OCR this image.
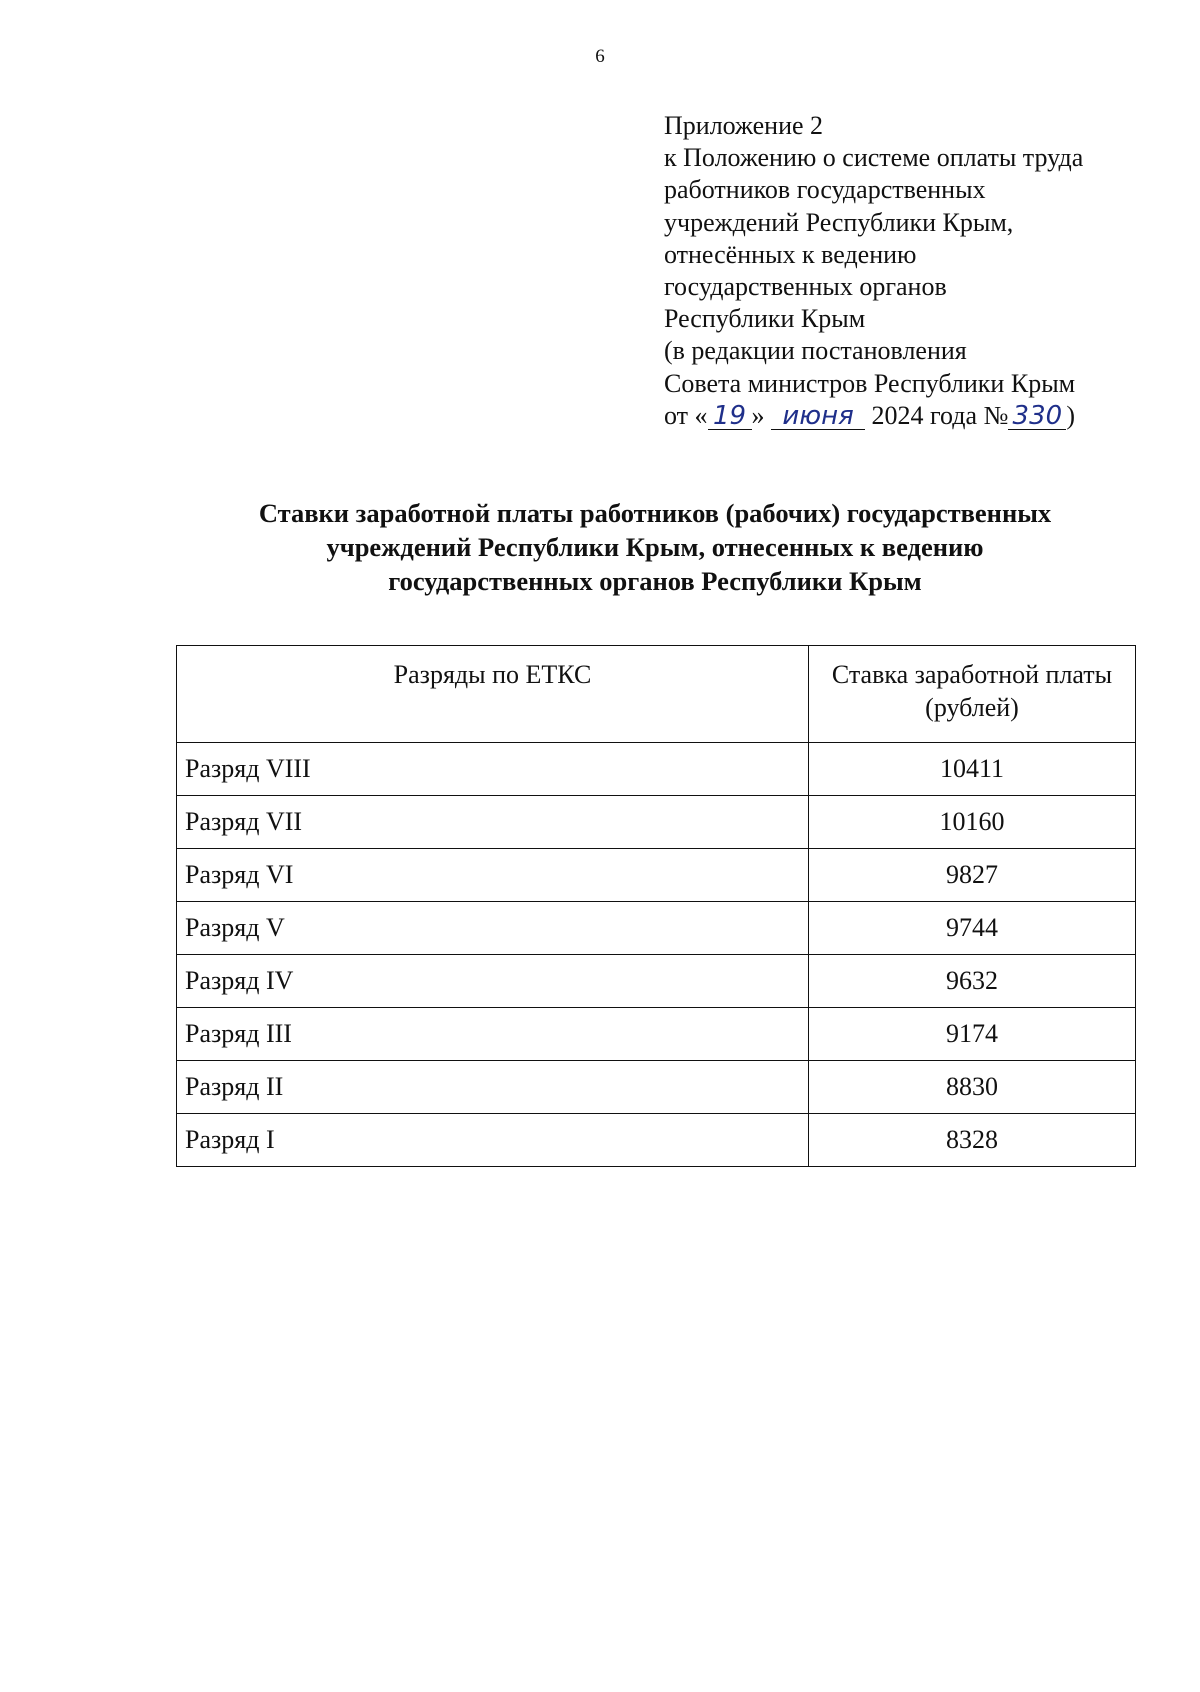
6
Приложение 2
к Положению о системе оплаты труда
работников государственных
учреждений Республики Крым,
отнесённых к ведению
государственных органов
Республики Крым
(в редакции постановления
Совета министров Республики Крым
от « 19 » июня 2024 года № 330 )
Ставки заработной платы работников (рабочих) государственных
учреждений Республики Крым, отнесенных к ведению
государственных органов Республики Крым
Разряды по ЕТКС	Ставка заработной платы
(рублей)

Разряд VIII	10411
Разряд VII	10160
Разряд VI	9827
Разряд V	9744
Разряд IV	9632
Разряд III	9174
Разряд II	8830
Разряд I	8328
